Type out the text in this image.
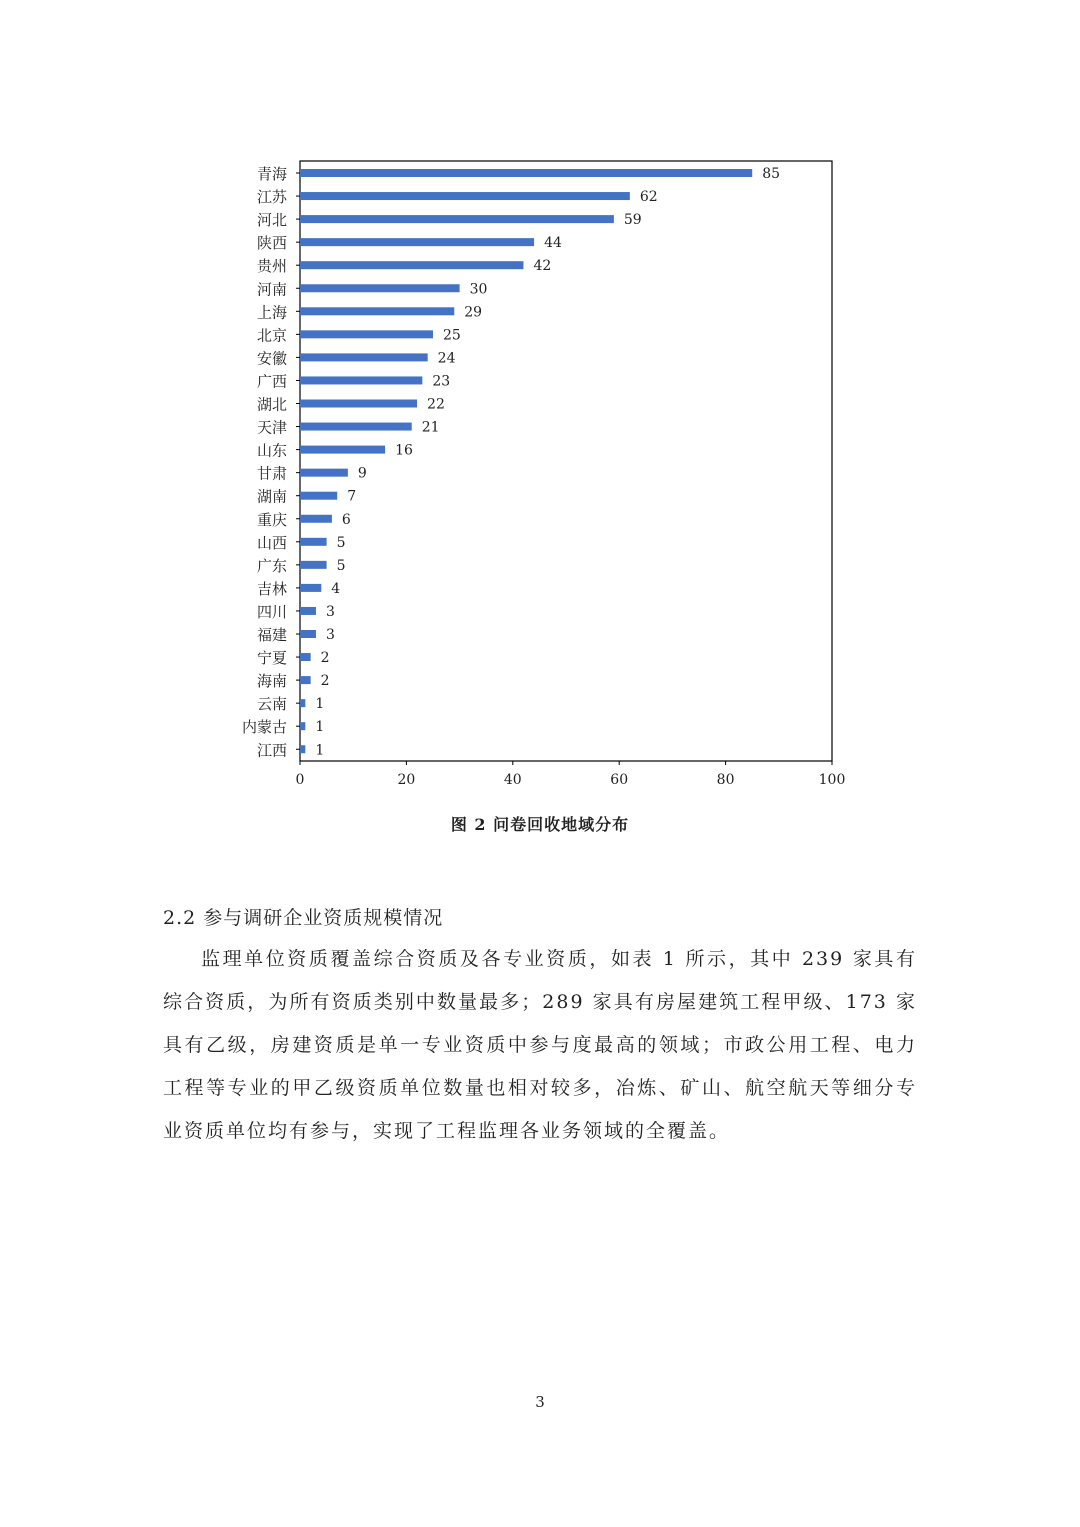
青海	85
江苏	62
河北	59
陕西	44
贵州	42
河南	30
上海	29
北京	25
安徽	24
广西	23
湖北	22
天津	21
山东	16
甘肃	9
湖南	7
重庆	6
山西	5
广东	5
吉林	4
四川	3
福建	3
宁夏 2
海南 2
云南 1
内蒙古 1
江西 1
0	20	40	60	80	100
图 2 问卷回收地域分布
2.2 参与调研企业资质规模情况

监理单位资质覆盖综合资质及各专业资质，如表 1 所示，其中 239 家具有综合资质，为所有资质类别中数量最多；289 家具有房屋建筑工程甲级、173 家具有乙级，房建资质是单一专业资质中参与度最高的领域；市政公用工程、电力工程等专业的甲乙级资质单位数量也相对较多，冶炼、矿山、航空航天等细分专业资质单位均有参与，实现了工程监理各业务领域的全覆盖。

3
